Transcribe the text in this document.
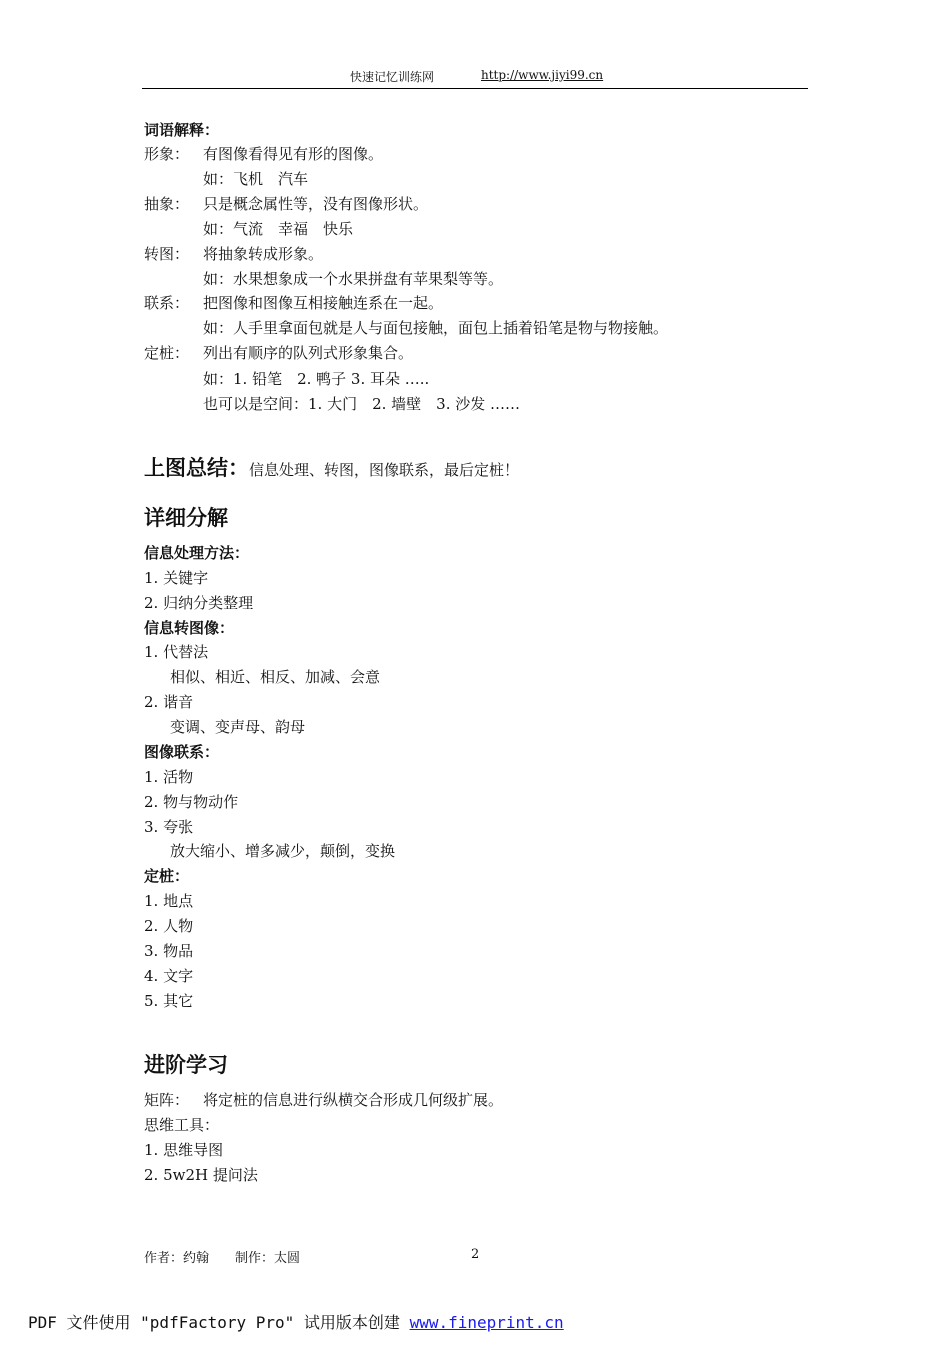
快速记忆训练网	http://www.jiyi99.cn
词语解释：
形象： 有图像看得见有形的图像。
如：飞机　汽车
抽象： 只是概念属性等，没有图像形状。
如：气流　幸福　快乐
转图： 将抽象转成形象。
如：水果想象成一个水果拼盘有苹果梨等等。
联系： 把图像和图像互相接触连系在一起。
如：人手里拿面包就是人与面包接触，面包上插着铅笔是物与物接触。
定桩： 列出有顺序的队列式形象集合。
如：1. 铅笔　2. 鸭子 3. 耳朵 …..
也可以是空间：1. 大门　2. 墙壁　3. 沙发 ……
上图总结：信息处理、转图，图像联系，最后定桩！
详细分解
信息处理方法：
1. 关键字
2. 归纳分类整理
信息转图像：
1. 代替法
相似、相近、相反、加减、会意
2. 谐音
变调、变声母、韵母
图像联系：
1. 活物
2. 物与物动作
3. 夸张
放大缩小、增多减少，颠倒，变换
定桩：
1. 地点
2. 人物
3. 物品
4. 文字
5. 其它
进阶学习
矩阵： 将定桩的信息进行纵横交合形成几何级扩展。
思维工具：
1. 思维导图
2. 5w2H 提问法
作者：约翰　　制作：太圆	2
PDF 文件使用 "pdfFactory Pro" 试用版本创建 www.fineprint.cn
